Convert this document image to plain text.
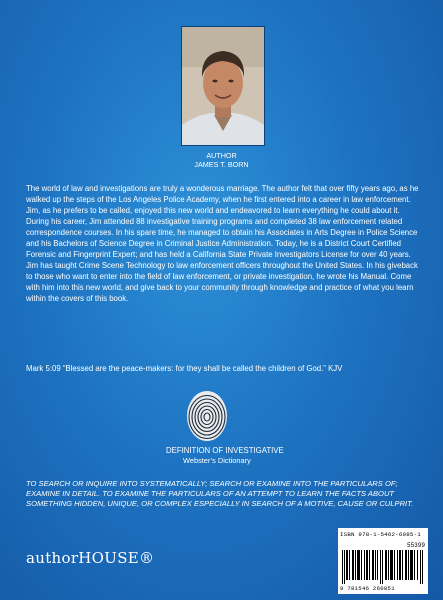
AUTHOR
JAMES T. BORN

The world of law and investigations are truly a wonderous marriage. The author felt that over fifty years ago, as he walked up the steps of the Los Angeles Police Academy, when he first entered into a career in law enforcement. Jim, as he prefers to be called, enjoyed this new world and endeavored to learn everything he could about it. During his career, Jim attended 88 investigative training programs and completed 38 law enforcement related correspondence courses. In his spare time, he managed to obtain his Associates in Arts Degree in Police Science and his Bachelors of Science Degree in Criminal Justice Administration. Today, he is a District Court Certified Forensic and Fingerprint Expert; and has held a California State Private Investigators License for over 40 years. Jim has taught Crime Scene Technology to law enforcement officers throughout the United States. In his giveback to those who want to enter into the field of law enforcement, or private investigation, he wrote his Manual. Come with him into this new world, and give back to your community through knowledge and practice of what you learn within the covers of this book.

Mark 5:09 “Blessed are the peace-makers: for they shall be called the children of God.” KJV

DEFINITION OF INVESTIGATIVE
Webster’s Dictionary

TO SEARCH OR INQUIRE INTO SYSTEMATICALLY; SEARCH OR EXAMINE INTO THE PARTICULARS OF; EXAMINE IN DETAIL. TO EXAMINE THE PARTICULARS OF AN ATTEMPT TO LEARN THE FACTS ABOUT SOMETHING HIDDEN, UNIQUE, OR COMPLEX ESPECIALLY IN SEARCH OF A MOTIVE, CAUSE OR CULPRIT.

authorHOUSE®
ISBN 978-1-5462-6085-1
55399
9 781546 260851
